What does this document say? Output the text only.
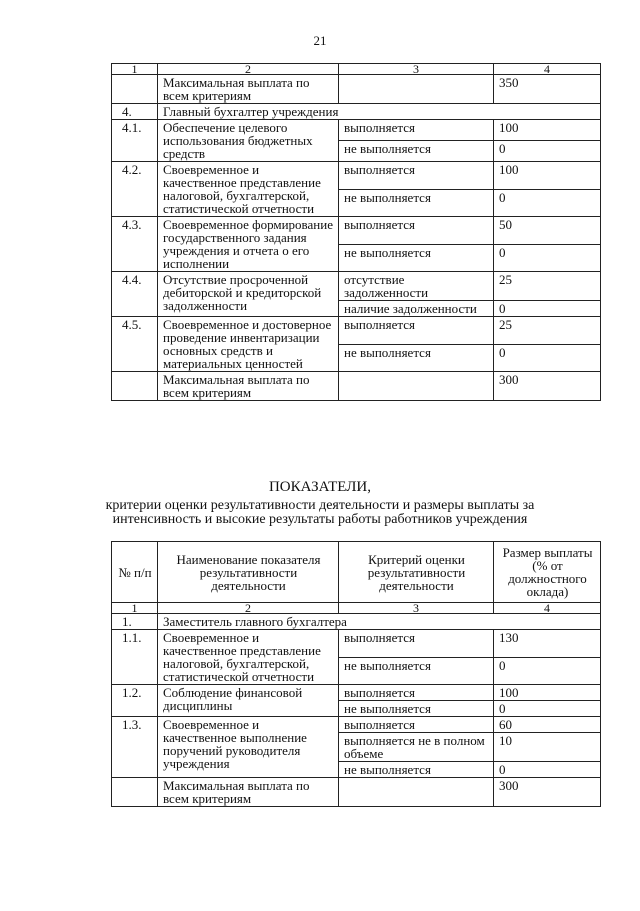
21
1	2	3	4
	Максимальная выплата по всем критериям		350
4.	Главный бухгалтер учреждения		
4.1.	Обеспечение целевого использования бюджетных средств	выполняется	100
		не выполняется	0
4.2.	Своевременное и качественное представление налоговой, бухгалтерской, статистической отчетности	выполняется	100
		не выполняется	0
4.3.	Своевременное формирование государственного задания учреждения и отчета о его исполнении	выполняется	50
		не выполняется	0
4.4.	Отсутствие просроченной дебиторской и кредиторской задолженности	отсутствие задолженности	25
		наличие задолженности	0
4.5.	Своевременное и достоверное проведение инвентаризации основных средств и материальных ценностей	выполняется	25
		не выполняется	0
	Максимальная выплата по всем критериям		300
ПОКАЗАТЕЛИ,
критерии оценки результативности деятельности и размеры выплаты за
интенсивность и высокие результаты работы работников учреждения
№ п/п	Наименование показателя результативности деятельности	Критерий оценки результативности деятельности	Размер выплаты (% от должностного оклада)
1	2	3	4
1.	Заместитель главного бухгалтера		
1.1.	Своевременное и качественное представление налоговой, бухгалтерской, статистической отчетности	выполняется	130
		не выполняется	0
1.2.	Соблюдение финансовой дисциплины	выполняется	100
		не выполняется	0
1.3.	Своевременное и качественное выполнение поручений руководителя учреждения	выполняется	60
		выполняется не в полном объеме	10
		не выполняется	0
	Максимальная выплата по всем критериям		300
